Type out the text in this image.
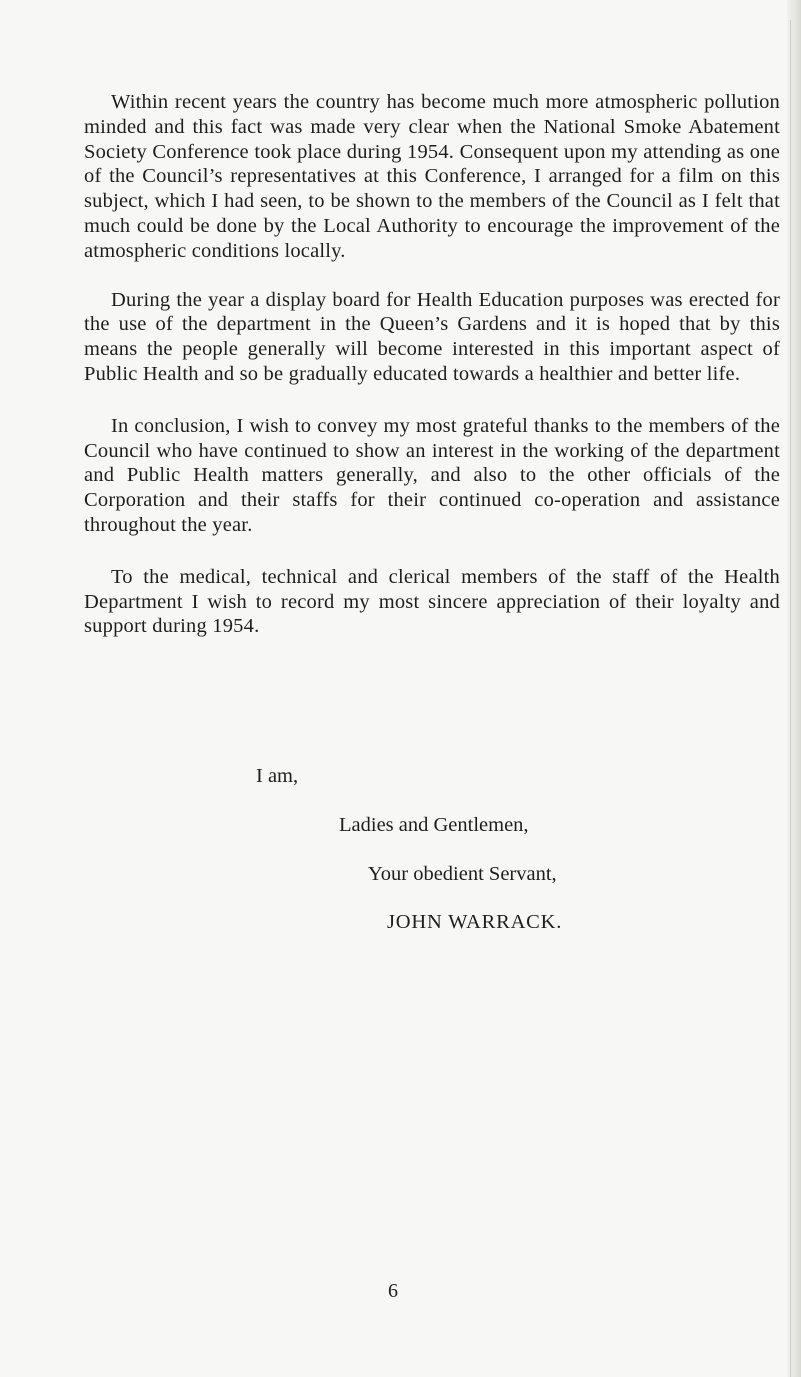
Within recent years the country has become much more atmospheric pollution minded and this fact was made very clear when the National Smoke Abatement Society Conference took place during 1954. Consequent upon my attending as one of the Council’s representatives at this Conference, I arranged for a film on this subject, which I had seen, to be shown to the members of the Council as I felt that much could be done by the Local Authority to encourage the improvement of the atmospheric conditions locally.

During the year a display board for Health Education purposes was erected for the use of the department in the Queen’s Gardens and it is hoped that by this means the people generally will become interested in this important aspect of Public Health and so be gradually educated towards a healthier and better life.

In conclusion, I wish to convey my most grateful thanks to the members of the Council who have continued to show an interest in the working of the department and Public Health matters generally, and also to the other officials of the Corporation and their staffs for their continued co-operation and assistance throughout the year.

To the medical, technical and clerical members of the staff of the Health Department I wish to record my most sincere appreciation of their loyalty and support during 1954.

I am,
Ladies and Gentlemen,
Your obedient Servant,
JOHN WARRACK.
6
